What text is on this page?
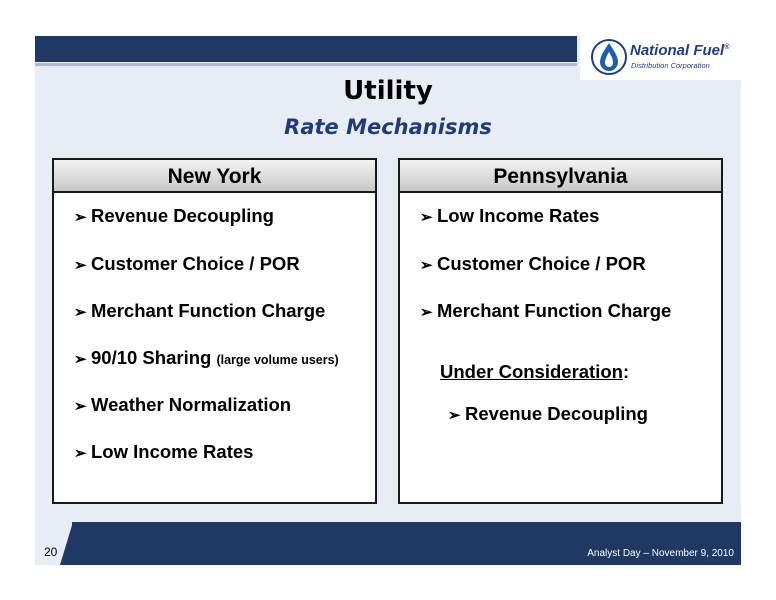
National Fuel®
Distribution Corporation
Utility
Rate Mechanisms
New York
➢ Revenue Decoupling
➢ Customer Choice / POR
➢ Merchant Function Charge
➢ 90/10 Sharing (large volume users)
➢ Weather Normalization
➢ Low Income Rates
Pennsylvania
➢ Low Income Rates
➢ Customer Choice / POR
➢ Merchant Function Charge
Under Consideration:
➢ Revenue Decoupling
20	Analyst Day – November 9, 2010
